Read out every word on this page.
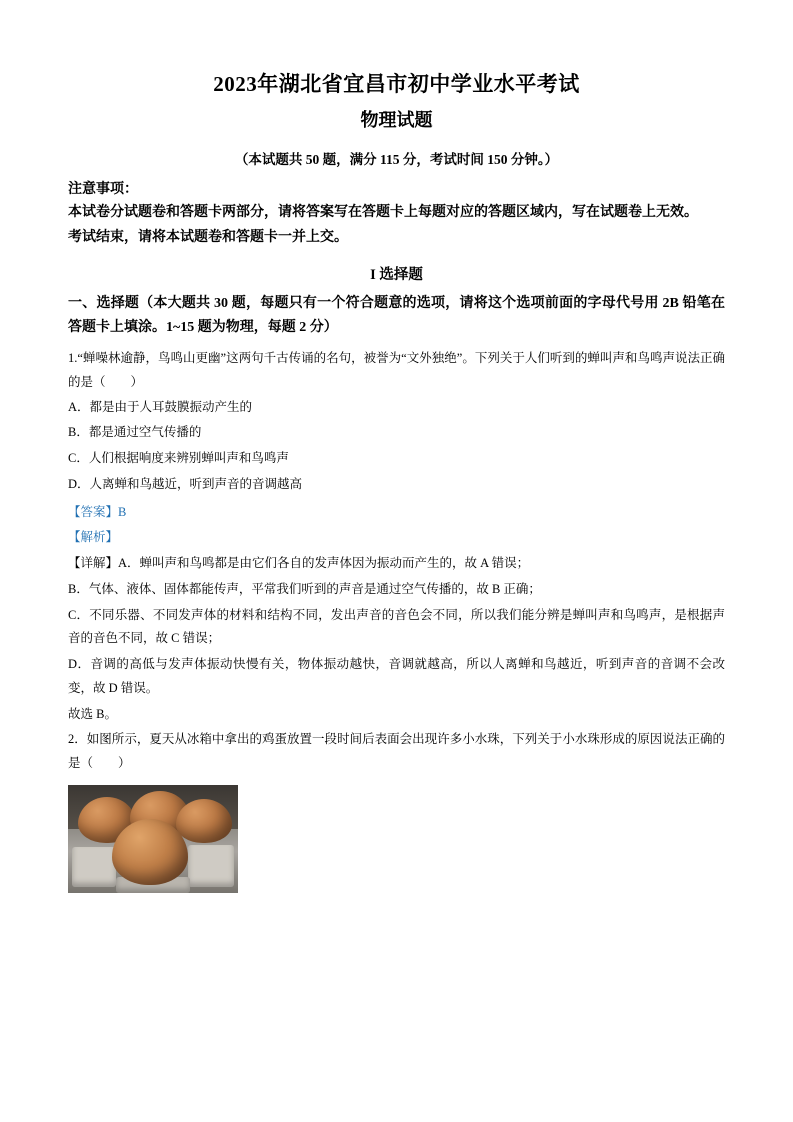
2023年湖北省宜昌市初中学业水平考试
物理试题
（本试题共 50 题，满分 115 分，考试时间 150 分钟。）
注意事项：
本试卷分试题卷和答题卡两部分，请将答案写在答题卡上每题对应的答题区域内，写在试题卷上无效。
考试结束，请将本试题卷和答题卡一并上交。
I 选择题
一、选择题（本大题共 30 题，每题只有一个符合题意的选项，请将这个选项前面的字母代号用 2B 铅笔在答题卡上填涂。1~15 题为物理，每题 2 分）
1.“蝉噪林逾静，鸟鸣山更幽”这两句千古传诵的名句，被誉为“文外独绝”。下列关于人们听到的蝉叫声和鸟鸣声说法正确的是（　　）
A．都是由于人耳鼓膜振动产生的
B．都是通过空气传播的
C．人们根据响度来辨别蝉叫声和鸟鸣声
D．人离蝉和鸟越近，听到声音的音调越高
【答案】B
【解析】
【详解】A．蝉叫声和鸟鸣都是由它们各自的发声体因为振动而产生的，故 A 错误；
B．气体、液体、固体都能传声，平常我们听到的声音是通过空气传播的，故 B 正确；
C．不同乐器、不同发声体的材料和结构不同，发出声音的音色会不同，所以我们能分辨是蝉叫声和鸟鸣声，是根据声音的音色不同，故 C 错误；
D．音调的高低与发声体振动快慢有关，物体振动越快，音调就越高，所以人离蝉和鸟越近，听到声音的音调不会改变，故 D 错误。
故选 B。
2．如图所示，夏天从冰箱中拿出的鸡蛋放置一段时间后表面会出现许多小水珠，下列关于小水珠形成的原因说法正确的是（　　）
